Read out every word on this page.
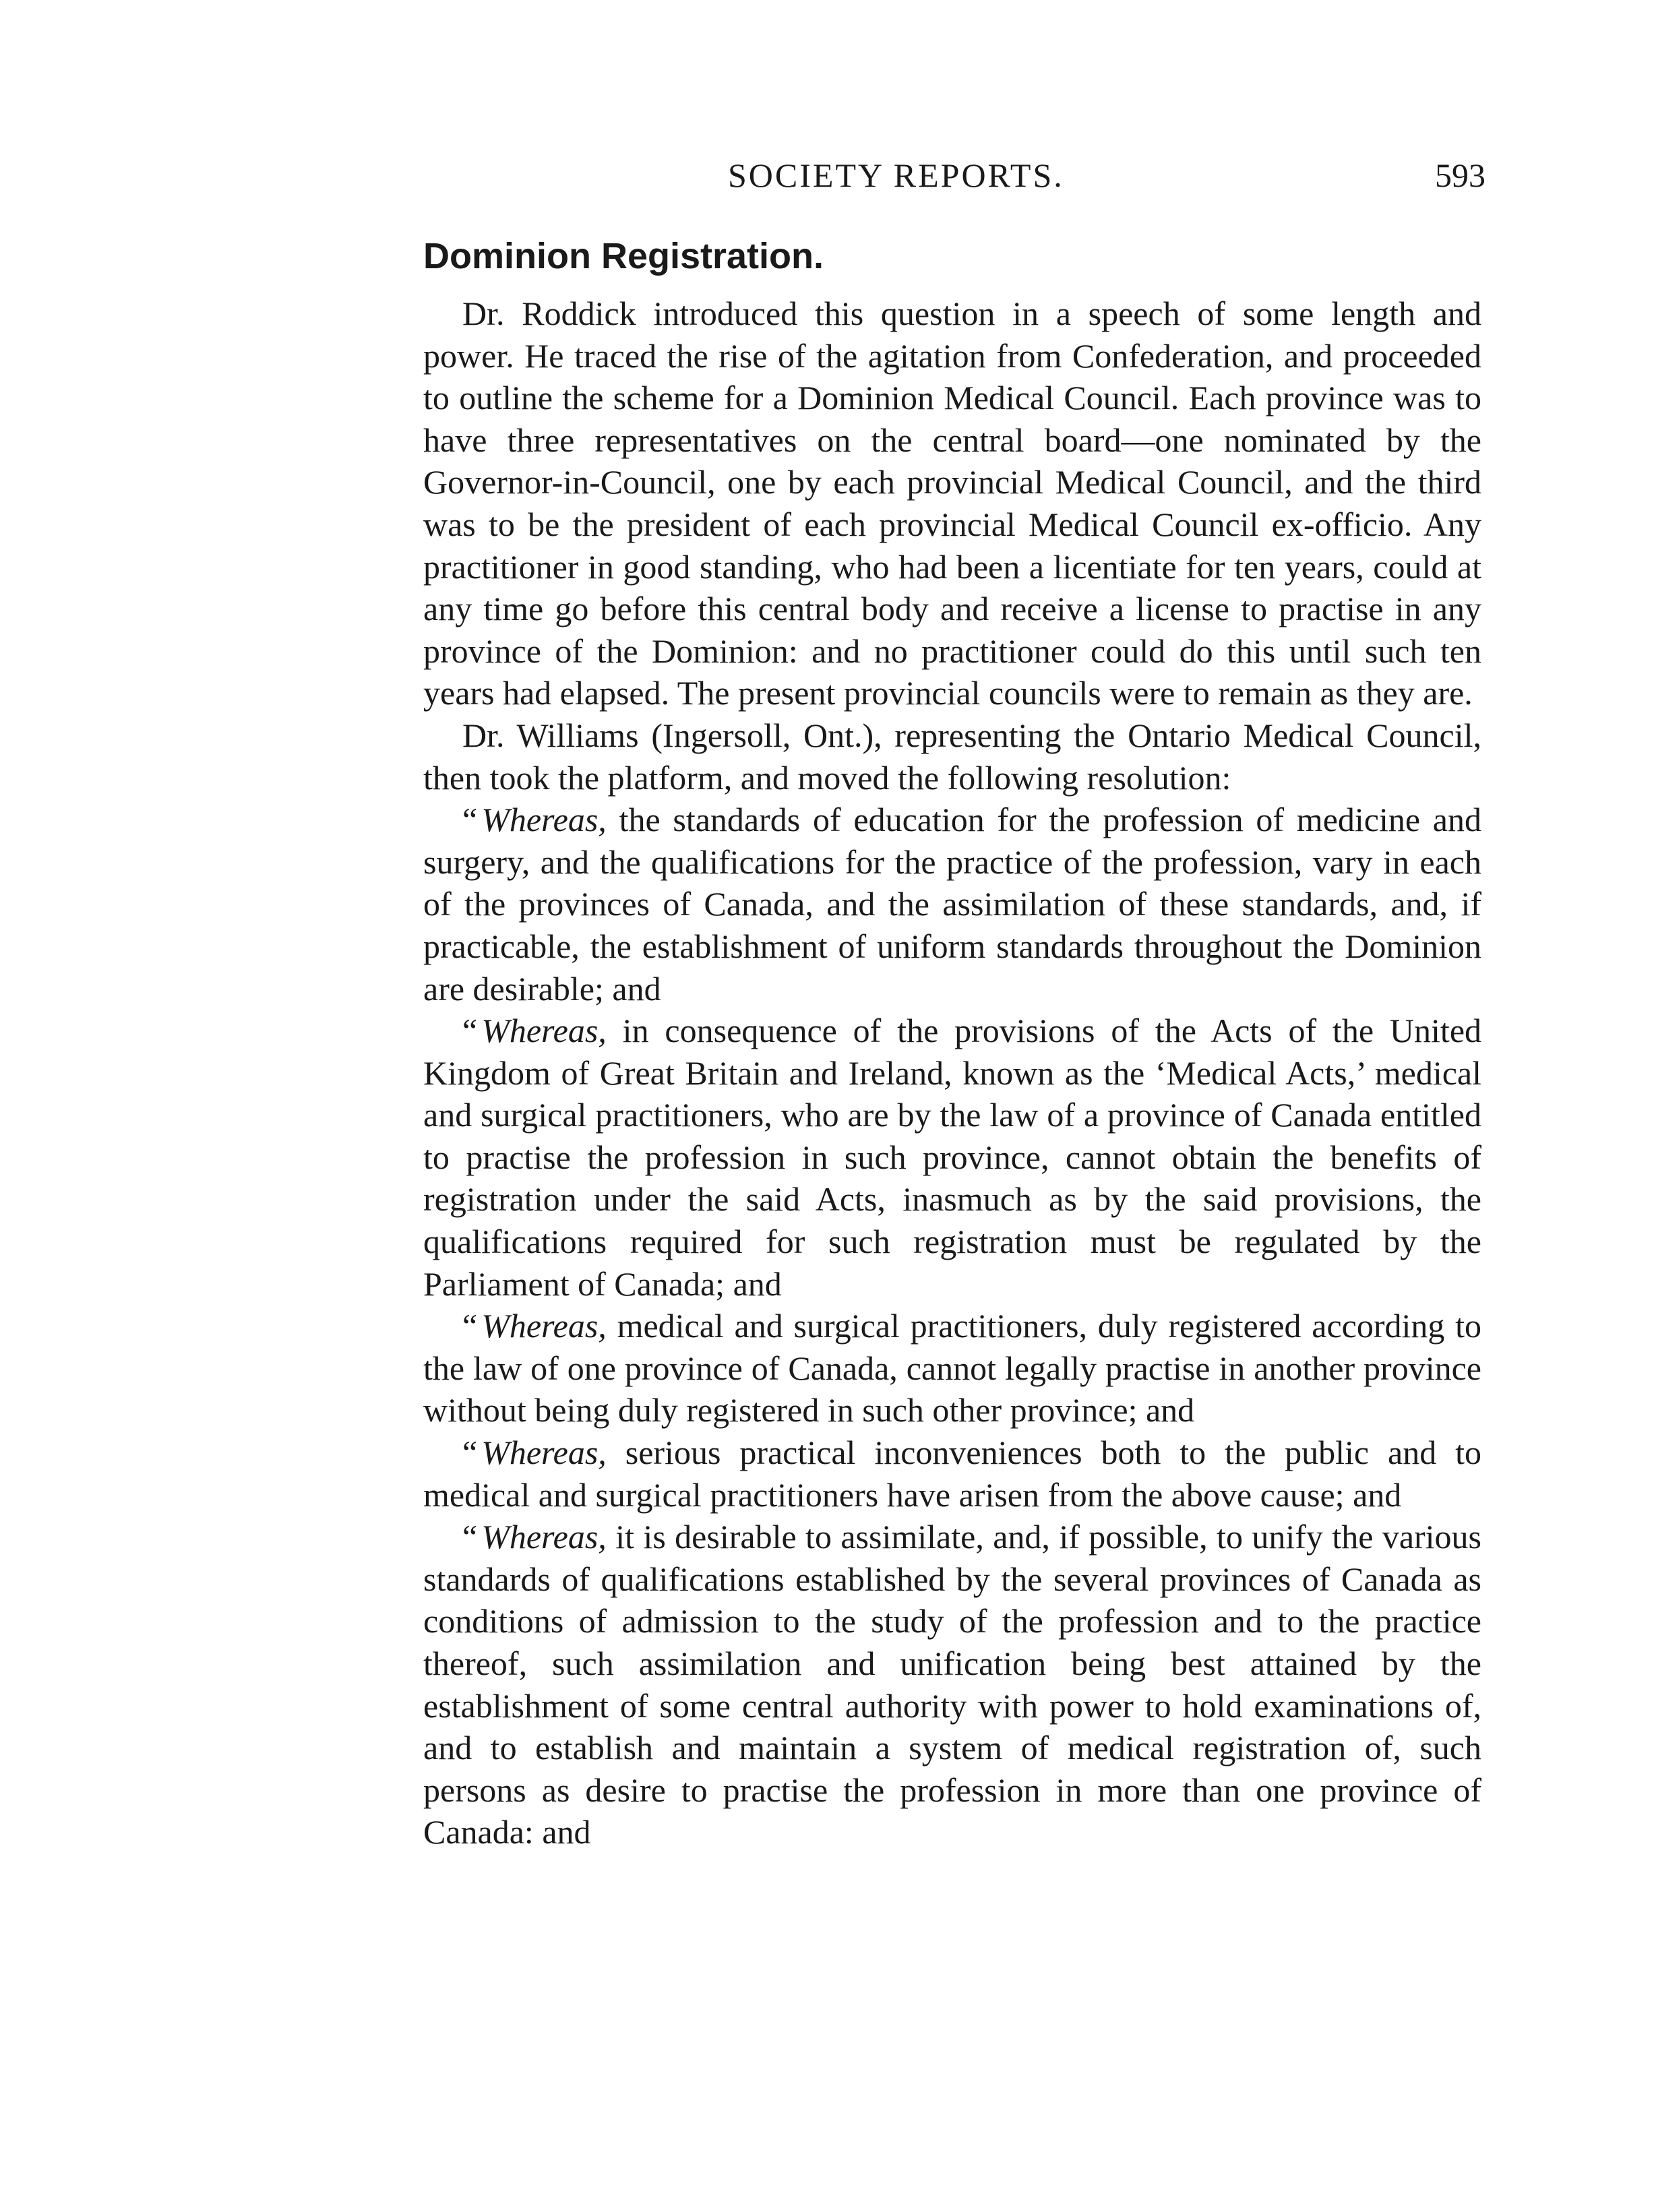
SOCIETY REPORTS.	593
Dominion Registration.

Dr. Roddick introduced this question in a speech of some length and power. He traced the rise of the agitation from Confederation, and proceeded to outline the scheme for a Dominion Medical Council. Each province was to have three representatives on the central board—one nominated by the Governor-in-Council, one by each provincial Medical Council, and the third was to be the president of each provincial Medical Council ex-officio. Any practitioner in good standing, who had been a licentiate for ten years, could at any time go before this central body and receive a license to practise in any province of the Dominion: and no practitioner could do this until such ten years had elapsed. The present provincial councils were to remain as they are.

Dr. Williams (Ingersoll, Ont.), representing the Ontario Medical Council, then took the platform, and moved the following resolution:

“ Whereas, the standards of education for the profession of medicine and surgery, and the qualifications for the practice of the profession, vary in each of the provinces of Canada, and the assimilation of these standards, and, if practicable, the establishment of uniform standards throughout the Dominion are desirable; and

“ Whereas, in consequence of the provisions of the Acts of the United Kingdom of Great Britain and Ireland, known as the ‘Medical Acts,’ medical and surgical practitioners, who are by the law of a province of Canada entitled to practise the profession in such province, cannot obtain the benefits of registration under the said Acts, inasmuch as by the said provisions, the qualifications required for such registration must be regulated by the Parliament of Canada; and

“ Whereas, medical and surgical practitioners, duly registered according to the law of one province of Canada, cannot legally practise in another province without being duly registered in such other province; and

“ Whereas, serious practical inconveniences both to the public and to medical and surgical practitioners have arisen from the above cause; and

“ Whereas, it is desirable to assimilate, and, if possible, to unify the various standards of qualifications established by the several provinces of Canada as conditions of admission to the study of the profession and to the practice thereof, such assimilation and unification being best attained by the establishment of some central authority with power to hold examinations of, and to establish and maintain a system of medical registration of, such persons as desire to practise the profession in more than one province of Canada: and
